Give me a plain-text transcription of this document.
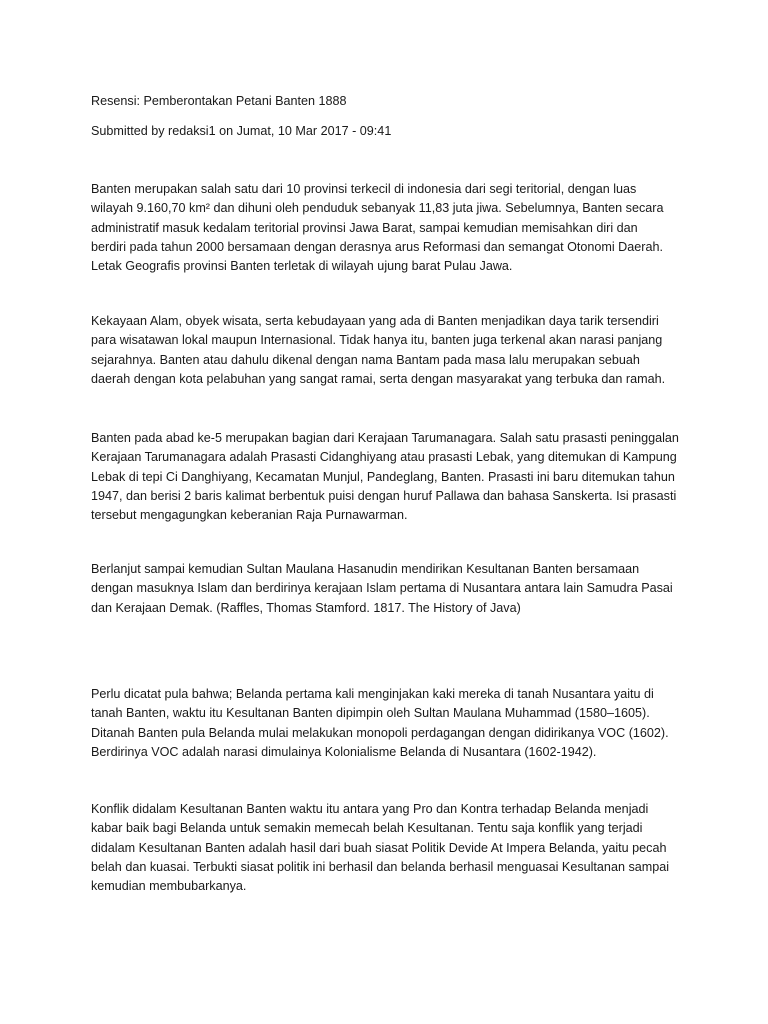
Resensi: Pemberontakan Petani Banten 1888

Submitted by redaksi1 on Jumat, 10 Mar 2017 - 09:41

Banten merupakan salah satu dari 10 provinsi terkecil di indonesia dari segi teritorial, dengan luas

wilayah 9.160,70 km² dan dihuni oleh penduduk sebanyak 11,83 juta jiwa. Sebelumnya, Banten secara

administratif masuk kedalam teritorial provinsi Jawa Barat, sampai kemudian memisahkan diri dan

berdiri pada tahun 2000 bersamaan dengan derasnya arus Reformasi dan semangat Otonomi Daerah.

Letak Geografis provinsi Banten terletak di wilayah ujung barat Pulau Jawa.

Kekayaan Alam, obyek wisata, serta kebudayaan yang ada di Banten menjadikan daya tarik tersendiri

para wisatawan lokal maupun Internasional. Tidak hanya itu, banten juga terkenal akan narasi panjang

sejarahnya. Banten atau dahulu dikenal dengan nama Bantam pada masa lalu merupakan sebuah

daerah dengan kota pelabuhan yang sangat ramai, serta dengan masyarakat yang terbuka dan ramah.

Banten pada abad ke-5 merupakan bagian dari Kerajaan Tarumanagara. Salah satu prasasti peninggalan

Kerajaan Tarumanagara adalah Prasasti Cidanghiyang atau prasasti Lebak, yang ditemukan di Kampung

Lebak di tepi Ci Danghiyang, Kecamatan Munjul, Pandeglang, Banten. Prasasti ini baru ditemukan tahun

1947, dan berisi 2 baris kalimat berbentuk puisi dengan huruf Pallawa dan bahasa Sanskerta. Isi prasasti

tersebut mengagungkan keberanian Raja Purnawarman.

Berlanjut sampai kemudian Sultan Maulana Hasanudin mendirikan Kesultanan Banten bersamaan

dengan masuknya Islam dan berdirinya kerajaan Islam pertama di Nusantara antara lain Samudra Pasai

dan Kerajaan Demak. (Raffles, Thomas Stamford. 1817. The History of Java)

Perlu dicatat pula bahwa; Belanda pertama kali menginjakan kaki mereka di tanah Nusantara yaitu di

tanah Banten, waktu itu Kesultanan Banten dipimpin oleh Sultan Maulana Muhammad (1580–1605).

Ditanah Banten pula Belanda mulai melakukan monopoli perdagangan dengan didirikanya VOC (1602).

Berdirinya VOC adalah narasi dimulainya Kolonialisme Belanda di Nusantara (1602-1942).

Konflik didalam Kesultanan Banten waktu itu antara yang Pro dan Kontra terhadap Belanda menjadi

kabar baik bagi Belanda untuk semakin memecah belah Kesultanan. Tentu saja konflik yang terjadi

didalam Kesultanan Banten adalah hasil dari buah siasat Politik Devide At Impera Belanda, yaitu pecah

belah dan kuasai. Terbukti siasat politik ini berhasil dan belanda berhasil menguasai Kesultanan sampai

kemudian membubarkanya.
